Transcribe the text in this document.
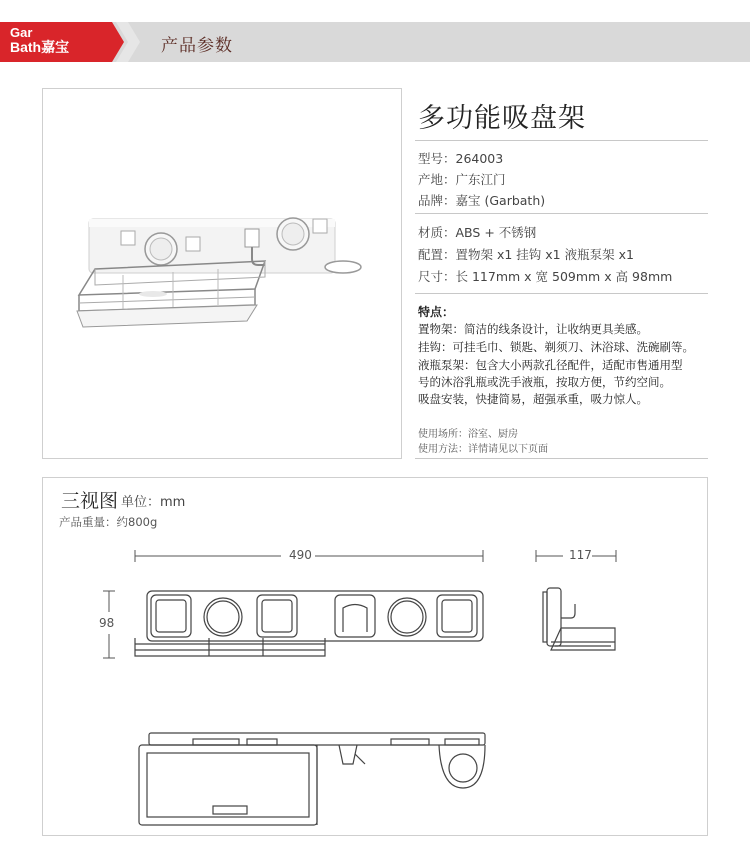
Gar
Bath嘉宝	产品参数
多功能吸盘架
型号：264003
产地：广东江门
品牌：嘉宝 (Garbath)
材质：ABS + 不锈钢
配置：置物架 x1 挂钩 x1 液瓶泵架 x1
尺寸：长 117mm x 宽 509mm x 高 98mm
特点：
置物架：简洁的线条设计，让收纳更具美感。
挂钩：可挂毛巾、锁匙、剃须刀、沐浴球、洗碗刷等。
液瓶泵架：包含大小两款孔径配件，适配市售通用型
号的沐浴乳瓶或洗手液瓶，按取方便，节约空间。
吸盘安装，快捷简易，超强承重，吸力惊人。
使用场所：浴室、厨房
使用方法：详情请见以下页面
三视图 单位：mm
产品重量：约800g
490	117
98
